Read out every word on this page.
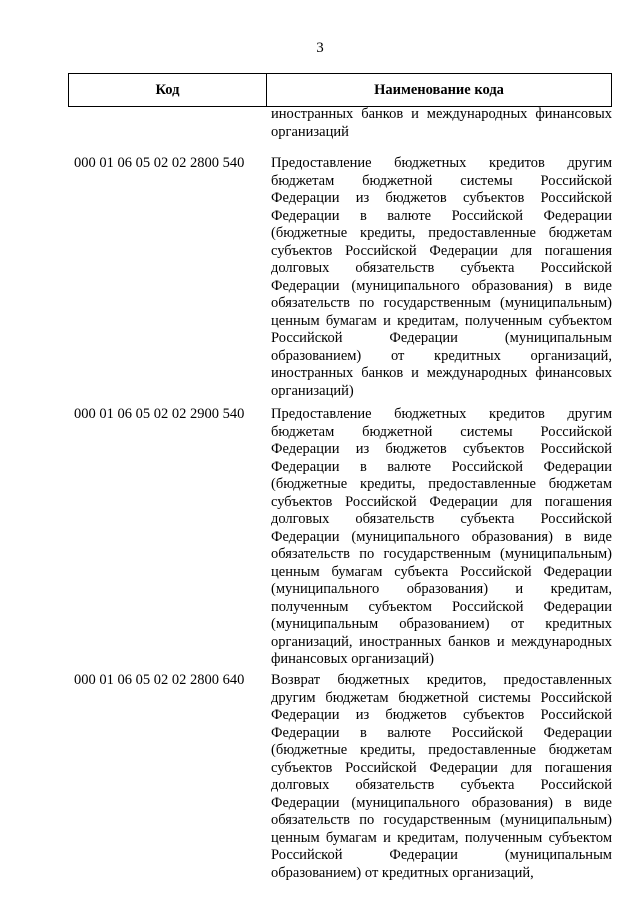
3
Код	Наименование кода
иностранных банков и международных финансовых
организаций
000 01 06 05 02 02 2800 540	Предоставление бюджетных кредитов другим
бюджетам бюджетной системы Российской
Федерации из бюджетов субъектов Российской
Федерации в валюте Российской Федерации
(бюджетные кредиты, предоставленные бюджетам
субъектов Российской Федерации для погашения
долговых обязательств субъекта Российской
Федерации (муниципального образования) в виде
обязательств по государственным (муниципальным)
ценным бумагам и кредитам, полученным субъектом
Российской Федерации (муниципальным
образованием) от кредитных организаций,
иностранных банков и международных финансовых
организаций)
000 01 06 05 02 02 2900 540	Предоставление бюджетных кредитов другим
бюджетам бюджетной системы Российской
Федерации из бюджетов субъектов Российской
Федерации в валюте Российской Федерации
(бюджетные кредиты, предоставленные бюджетам
субъектов Российской Федерации для погашения
долговых обязательств субъекта Российской
Федерации (муниципального образования) в виде
обязательств по государственным (муниципальным)
ценным бумагам субъекта Российской Федерации
(муниципального образования) и кредитам,
полученным субъектом Российской Федерации
(муниципальным образованием) от кредитных
организаций, иностранных банков и международных
финансовых организаций)
000 01 06 05 02 02 2800 640	Возврат бюджетных кредитов, предоставленных
другим бюджетам бюджетной системы Российской
Федерации из бюджетов субъектов Российской
Федерации в валюте Российской Федерации
(бюджетные кредиты, предоставленные бюджетам
субъектов Российской Федерации для погашения
долговых обязательств субъекта Российской
Федерации (муниципального образования) в виде
обязательств по государственным (муниципальным)
ценным бумагам и кредитам, полученным субъектом
Российской Федерации (муниципальным
образованием) от кредитных организаций,
